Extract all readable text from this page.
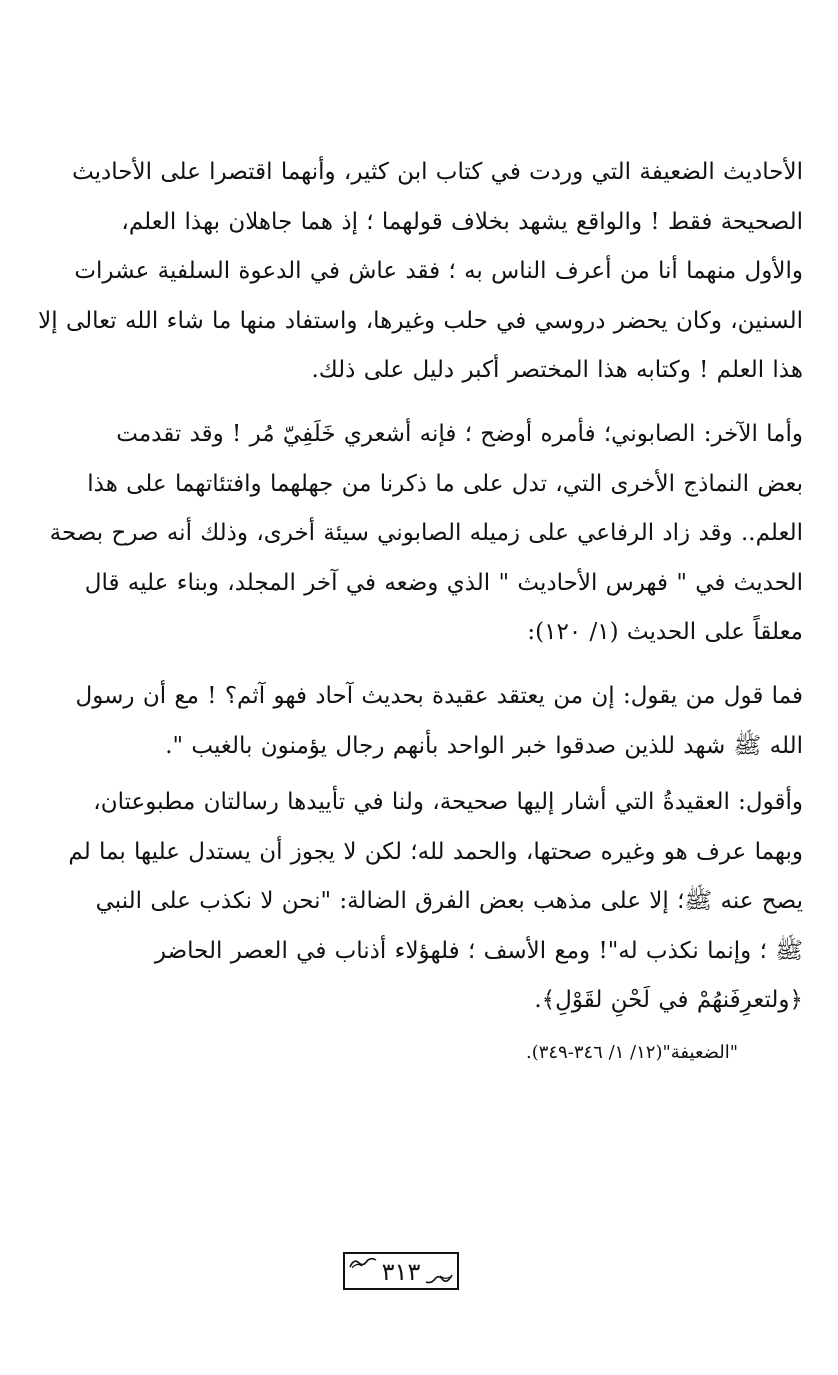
الأحاديث الضعيفة التي وردت في كتاب ابن كثير، وأنهما اقتصرا على الأحاديث
الصحيحة فقط ! والواقع يشهد بخلاف قولهما ؛ إذ هما جاهلان بهذا العلم،
والأول منهما أنا من أعرف الناس به ؛ فقد عاش في الدعوة السلفية عشرات
السنين، وكان يحضر دروسي في حلب وغيرها، واستفاد منها ما شاء الله تعالى إلا
هذا العلم ! وكتابه هذا المختصر أكبر دليل على ذلك.
وأما الآخر: الصابوني؛ فأمره أوضح ؛ فإنه أشعري خَلَفِيّ مُر ! وقد تقدمت
بعض النماذج الأخرى التي، تدل على ما ذكرنا من جهلهما وافتئاتهما على هذا
العلم.. وقد زاد الرفاعي على زميله الصابوني سيئة أخرى، وذلك أنه صرح بصحة
الحديث في " فهرس الأحاديث " الذي وضعه في آخر المجلد، وبناء عليه قال
معلقاً على الحديث (١/ ١٢٠):
فما قول من يقول: إن من يعتقد عقيدة بحديث آحاد فهو آثم؟ ! مع أن رسول
الله ﷺ شهد للذين صدقوا خبر الواحد بأنهم رجال يؤمنون بالغيب ".
وأقول: العقيدةُ التي أشار إليها صحيحة، ولنا في تأييدها رسالتان مطبوعتان،
وبهما عرف هو وغيره صحتها، والحمد لله؛ لكن لا يجوز أن يستدل عليها بما لم
يصح عنه ﷺ؛ إلا على مذهب بعض الفرق الضالة: "نحن لا نكذب على النبي
ﷺ ؛ وإنما نكذب له"! ومع الأسف ؛ فلهؤلاء أذناب في العصر الحاضر
﴿ولتعرِفَنهُمْ في لَحْنِ لقَوْلِ﴾.
"الضعيفة"(١٢/ ١/ ٣٤٦-٣٤٩).
٣١٣
